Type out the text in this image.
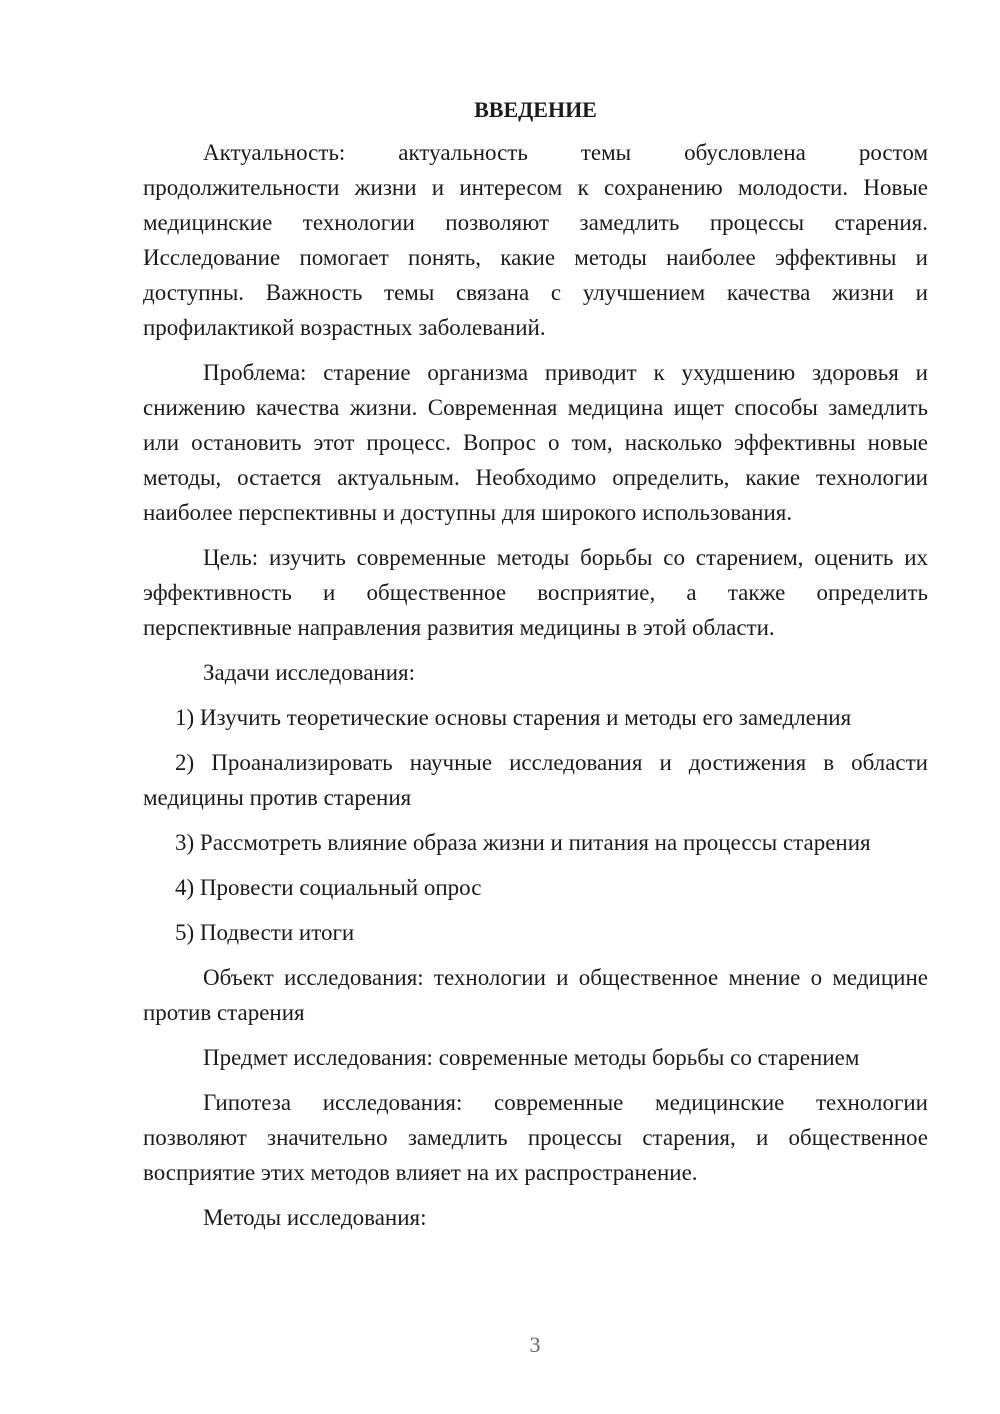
ВВЕДЕНИЕ

Актуальность: актуальность темы обусловлена ростом продолжительности жизни и интересом к сохранению молодости. Новые медицинские технологии позволяют замедлить процессы старения. Исследование помогает понять, какие методы наиболее эффективны и доступны. Важность темы связана с улучшением качества жизни и профилактикой возрастных заболеваний.

Проблема: старение организма приводит к ухудшению здоровья и снижению качества жизни. Современная медицина ищет способы замедлить или остановить этот процесс. Вопрос о том, насколько эффективны новые методы, остается актуальным. Необходимо определить, какие технологии наиболее перспективны и доступны для широкого использования.

Цель: изучить современные методы борьбы со старением, оценить их эффективность и общественное восприятие, а также определить перспективные направления развития медицины в этой области.

Задачи исследования:

1) Изучить теоретические основы старения и методы его замедления

2) Проанализировать научные исследования и достижения в области медицины против старения

3) Рассмотреть влияние образа жизни и питания на процессы старения

4) Провести социальный опрос

5) Подвести итоги

Объект исследования: технологии и общественное мнение о медицине против старения

Предмет исследования: современные методы борьбы со старением

Гипотеза исследования: современные медицинские технологии позволяют значительно замедлить процессы старения, и общественное восприятие этих методов влияет на их распространение.

Методы исследования:

3
